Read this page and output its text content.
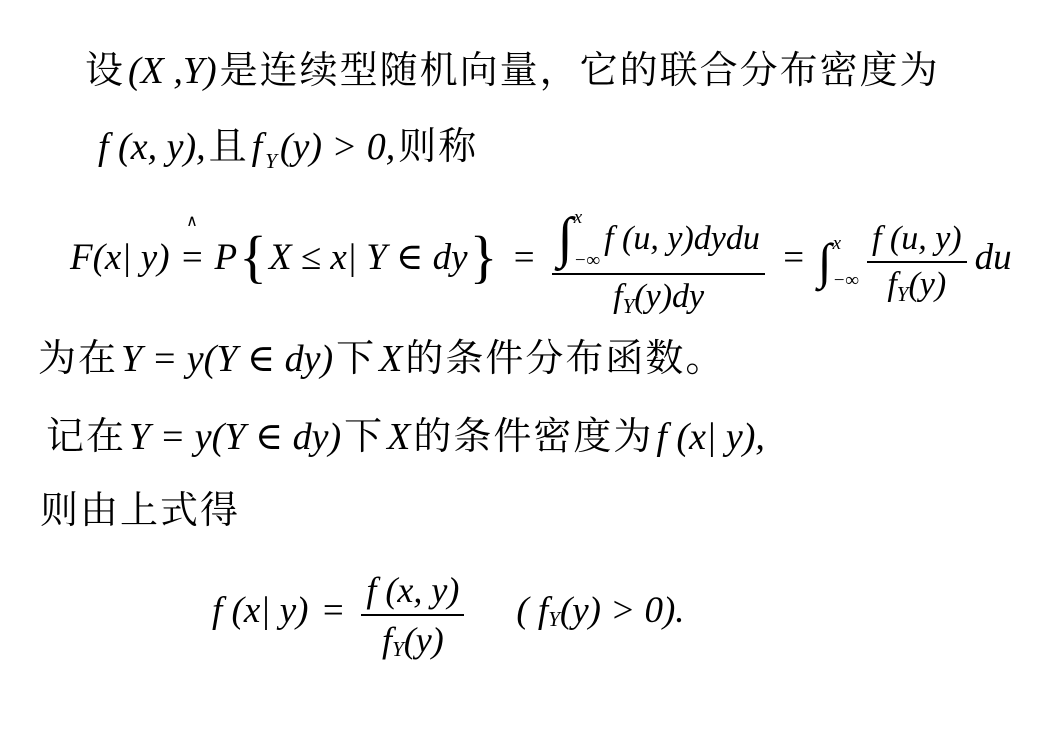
设(X ,Y)是连续型随机向量，它的联合分布密度为

f (x, y),且f $_Y$(y) > 0,则称

F(x| y)
∧
= P { X ≤ x| Y ∈ dy } = ∫ x
−∞
f (u, y)dydu
f Y (y)dy
= ∫ x
−∞ $\frac{f (u, y)}{\text{f Y (y)}}$ du

为在Y = y(Y ∈ dy)下X的条件分布函数。

记在Y = y(Y ∈ dy)下X的条件密度为f (x| y),

则由上式得

f (x| $y) = \frac{f (x, y)}{\text{f Y (y)}}$ ( f Y (y) > 0).
